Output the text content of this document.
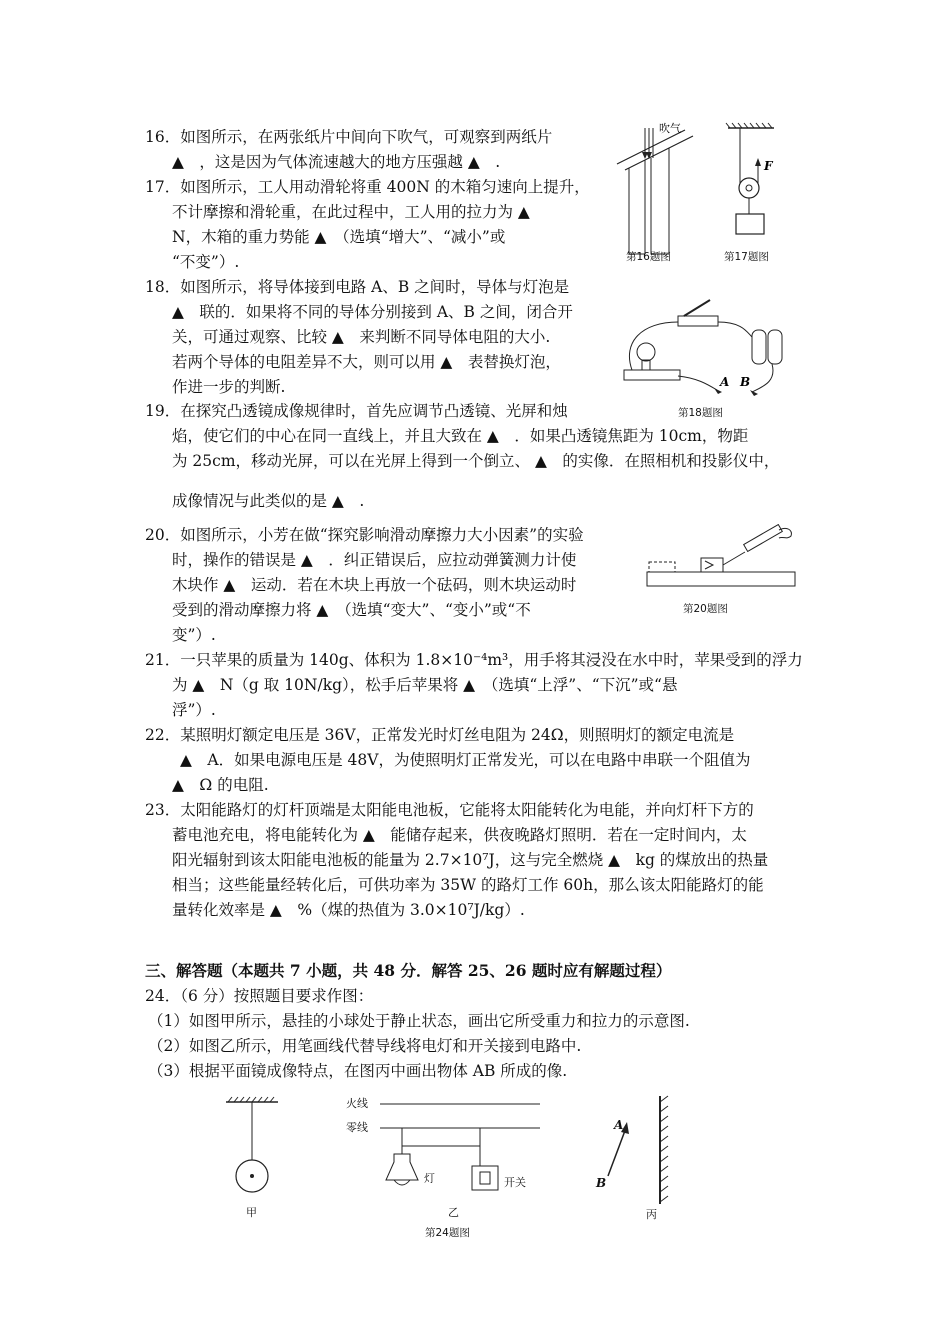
16．如图所示，在两张纸片中间向下吹气，可观察到两纸片
▲　，这是因为气体流速越大的地方压强越 ▲　.
17．如图所示，工人用动滑轮将重 400N 的木箱匀速向上提升，
不计摩擦和滑轮重，在此过程中，工人用的拉力为 ▲
N，木箱的重力势能 ▲　（选填“增大”、“减小”或
“不变”）.
18．如图所示，将导体接到电路 A、B 之间时，导体与灯泡是
▲　联的．如果将不同的导体分别接到 A、B 之间，闭合开
关，可通过观察、比较 ▲　来判断不同导体电阻的大小.
若两个导体的电阻差异不大，则可以用 ▲　表替换灯泡，
作进一步的判断.
19．在探究凸透镜成像规律时，首先应调节凸透镜、光屏和烛
焰，使它们的中心在同一直线上，并且大致在 ▲　．如果凸透镜焦距为 10cm，物距
为 25cm，移动光屏，可以在光屏上得到一个倒立、 ▲　的实像．在照相机和投影仪中，
成像情况与此类似的是 ▲　.
20．如图所示，小芳在做“探究影响滑动摩擦力大小因素”的实验
时，操作的错误是 ▲　．纠正错误后，应拉动弹簧测力计使
木块作 ▲　运动．若在木块上再放一个砝码，则木块运动时
受到的滑动摩擦力将 ▲　（选填“变大”、“变小”或“不
变”）.
21．一只苹果的质量为 140g、体积为 1.8×10⁻⁴m³，用手将其浸没在水中时，苹果受到的浮力
为 ▲　N（g 取 10N/kg），松手后苹果将 ▲　（选填“上浮”、“下沉”或“悬
浮”）.
22．某照明灯额定电压是 36V，正常发光时灯丝电阻为 24Ω，则照明灯的额定电流是
▲　A．如果电源电压是 48V，为使照明灯正常发光，可以在电路中串联一个阻值为
▲　Ω 的电阻.
23．太阳能路灯的灯杆顶端是太阳能电池板，它能将太阳能转化为电能，并向灯杆下方的
蓄电池充电，将电能转化为 ▲　能储存起来，供夜晚路灯照明．若在一定时间内，太
阳光辐射到该太阳能电池板的能量为 2.7×10⁷J，这与完全燃烧 ▲　kg 的煤放出的热量
相当；这些能量经转化后，可供功率为 35W 的路灯工作 60h，那么该太阳能路灯的能
量转化效率是 ▲　%（煤的热值为 3.0×10⁷J/kg）.
三、解答题（本题共 7 小题，共 48 分．解答 25、26 题时应有解题过程）
24．（6 分）按照题目要求作图：
（1）如图甲所示，悬挂的小球处于静止状态，画出它所受重力和拉力的示意图.
（2）如图乙所示，用笔画线代替导线将电灯和开关接到电路中.
（3）根据平面镜成像特点，在图丙中画出物体 AB 所成的像.
吹气
第16题图
F
第17题图
A B
第18题图
第20题图
甲
火线
零线
灯	开关
乙
第24题图
A
B
丙
